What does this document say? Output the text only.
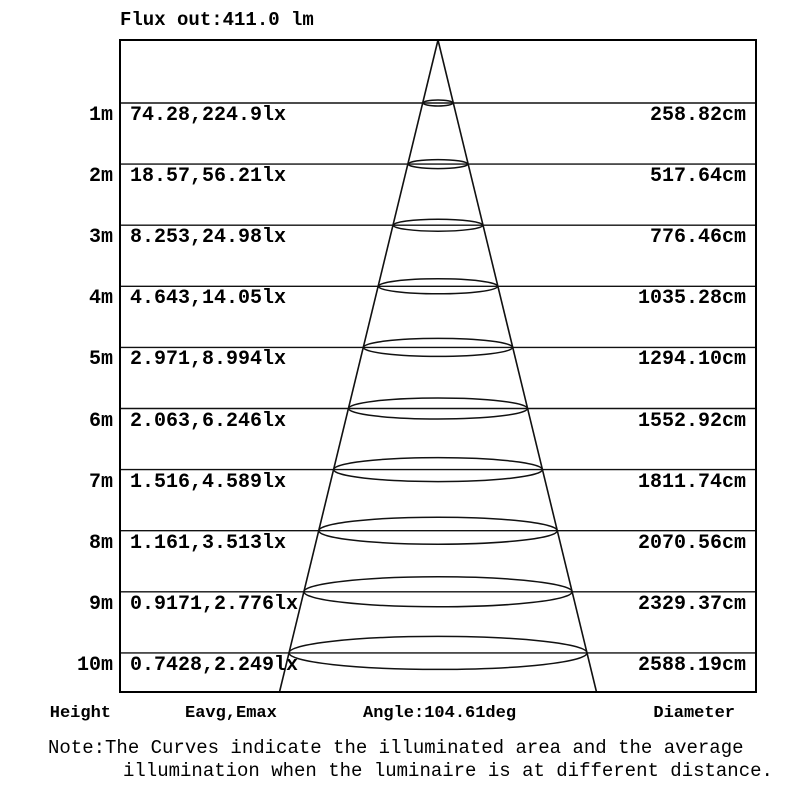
Flux out:411.0 lm
1m 74.28,224.9lx	258.82cm
2m 18.57,56.21lx	517.64cm
3m 8.253,24.98lx	776.46cm
4m 4.643,14.05lx	1035.28cm
5m 2.971,8.994lx	1294.10cm
6m 2.063,6.246lx	1552.92cm
7m 1.516,4.589lx	1811.74cm
8m 1.161,3.513lx	2070.56cm
9m 0.9171,2.776lx	2329.37cm
10m 0.7428,2.249lx	2588.19cm
Height	Eavg,Emax	Angle:104.61deg	Diameter
Note:The Curves indicate the illuminated area and the average
illumination when the luminaire is at different distance.
